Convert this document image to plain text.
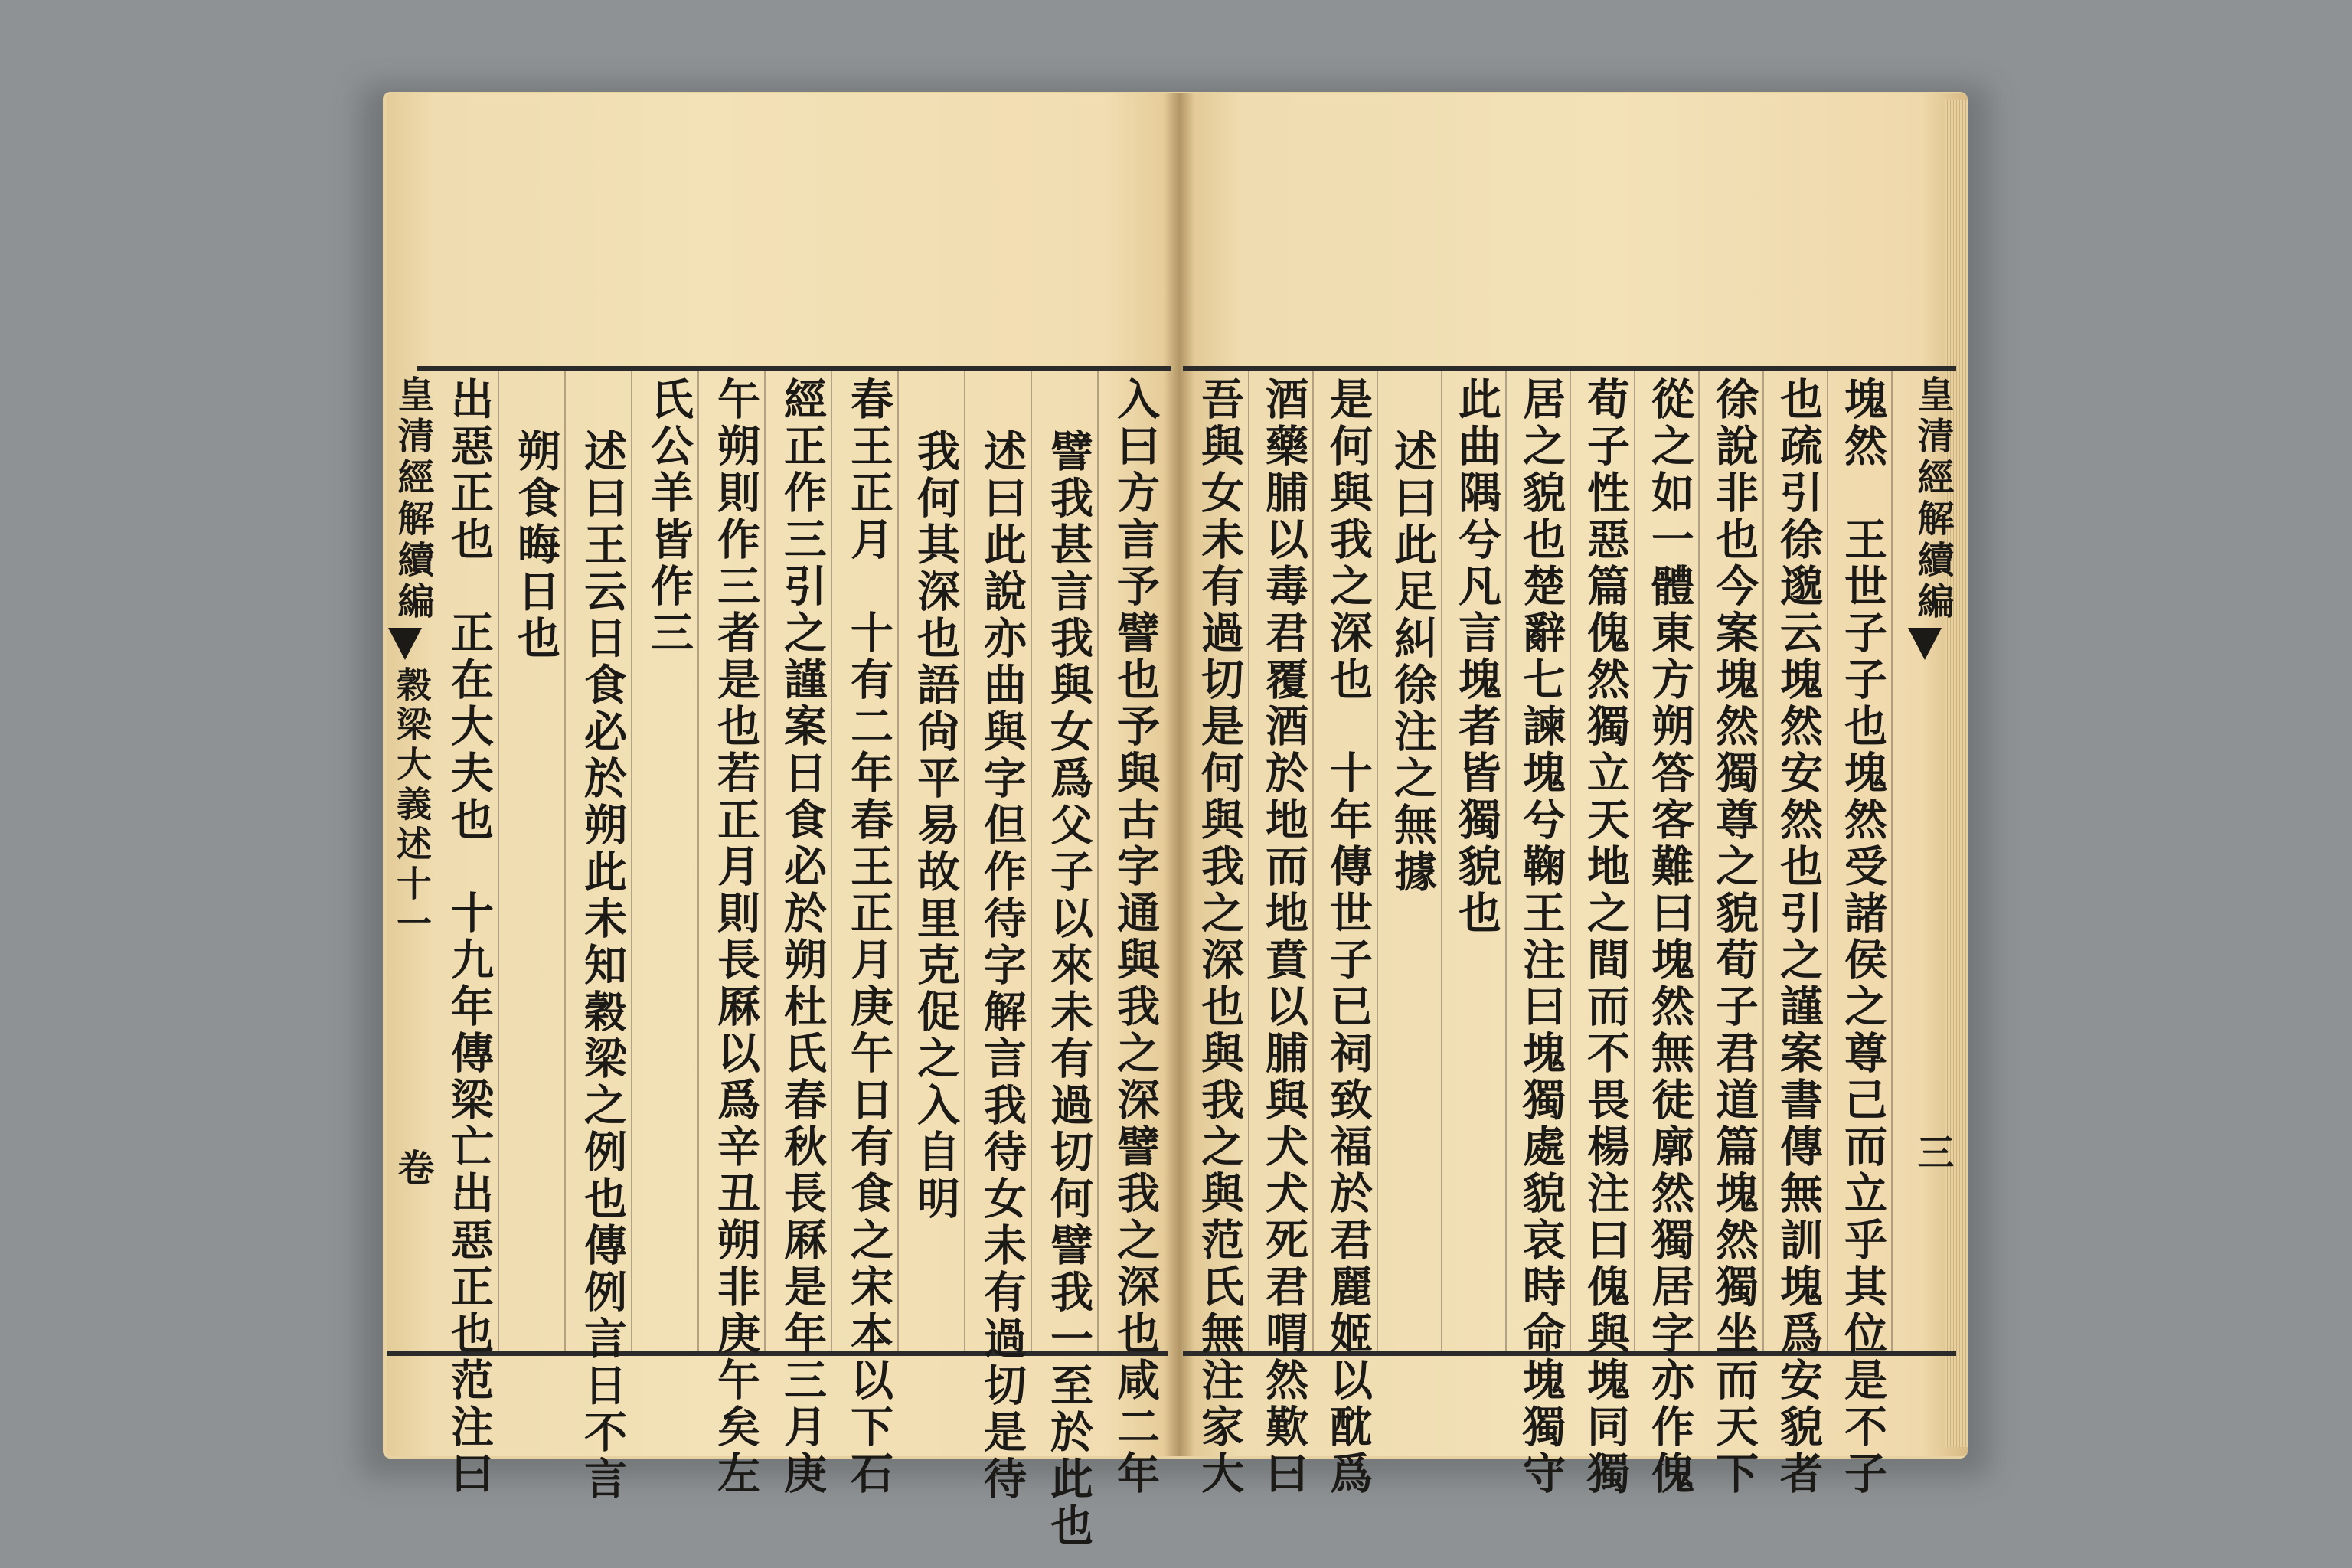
皇清經解續編
穀梁大義述十一
卷	入曰方言予譬也予與古字通與我之深譬我之深也咸二年
譬我甚言我與女爲父子以來未有過切何譬我一至於此也
述曰此說亦曲與字但作待字解言我待女未有過切是待
我何其深也語尙平易故里克促之入自明
春王正月　十有二年春王正月庚午日有食之宋本以下石
經正作三引之謹案日食必於朔杜氏春秋長厤是年三月庚
午朔則作三者是也若正月則長厤以爲辛丑朔非庚午矣左
氏公羊皆作三
述曰王云日食必於朔此未知穀梁之例也傳例言日不言
朔食晦日也
出惡正也　正在大夫也　十九年傳梁亡出惡正也范注曰	皇清經解續編
三
塊然　王世子子也塊然受諸侯之尊己而立乎其位是不子
也疏引徐邈云塊然安然也引之謹案書傳無訓塊爲安貌者
徐說非也今案塊然獨尊之貌荀子君道篇塊然獨坐而天下
從之如一體東方朔答客難曰塊然無徒廓然獨居字亦作傀
荀子性惡篇傀然獨立天地之間而不畏楊注曰傀與塊同獨
居之貌也楚辭七諫塊兮鞠王注曰塊獨處貌哀時命塊獨守
此曲隅兮凡言塊者皆獨貌也
述曰此足糾徐注之無據
是何與我之深也　十年傳世子已祠致福於君麗姬以酖爲
酒藥脯以毒君覆酒於地而地賁以脯與犬犬死君喟然歎曰
吾與女未有過切是何與我之深也與我之與范氏無注家大
